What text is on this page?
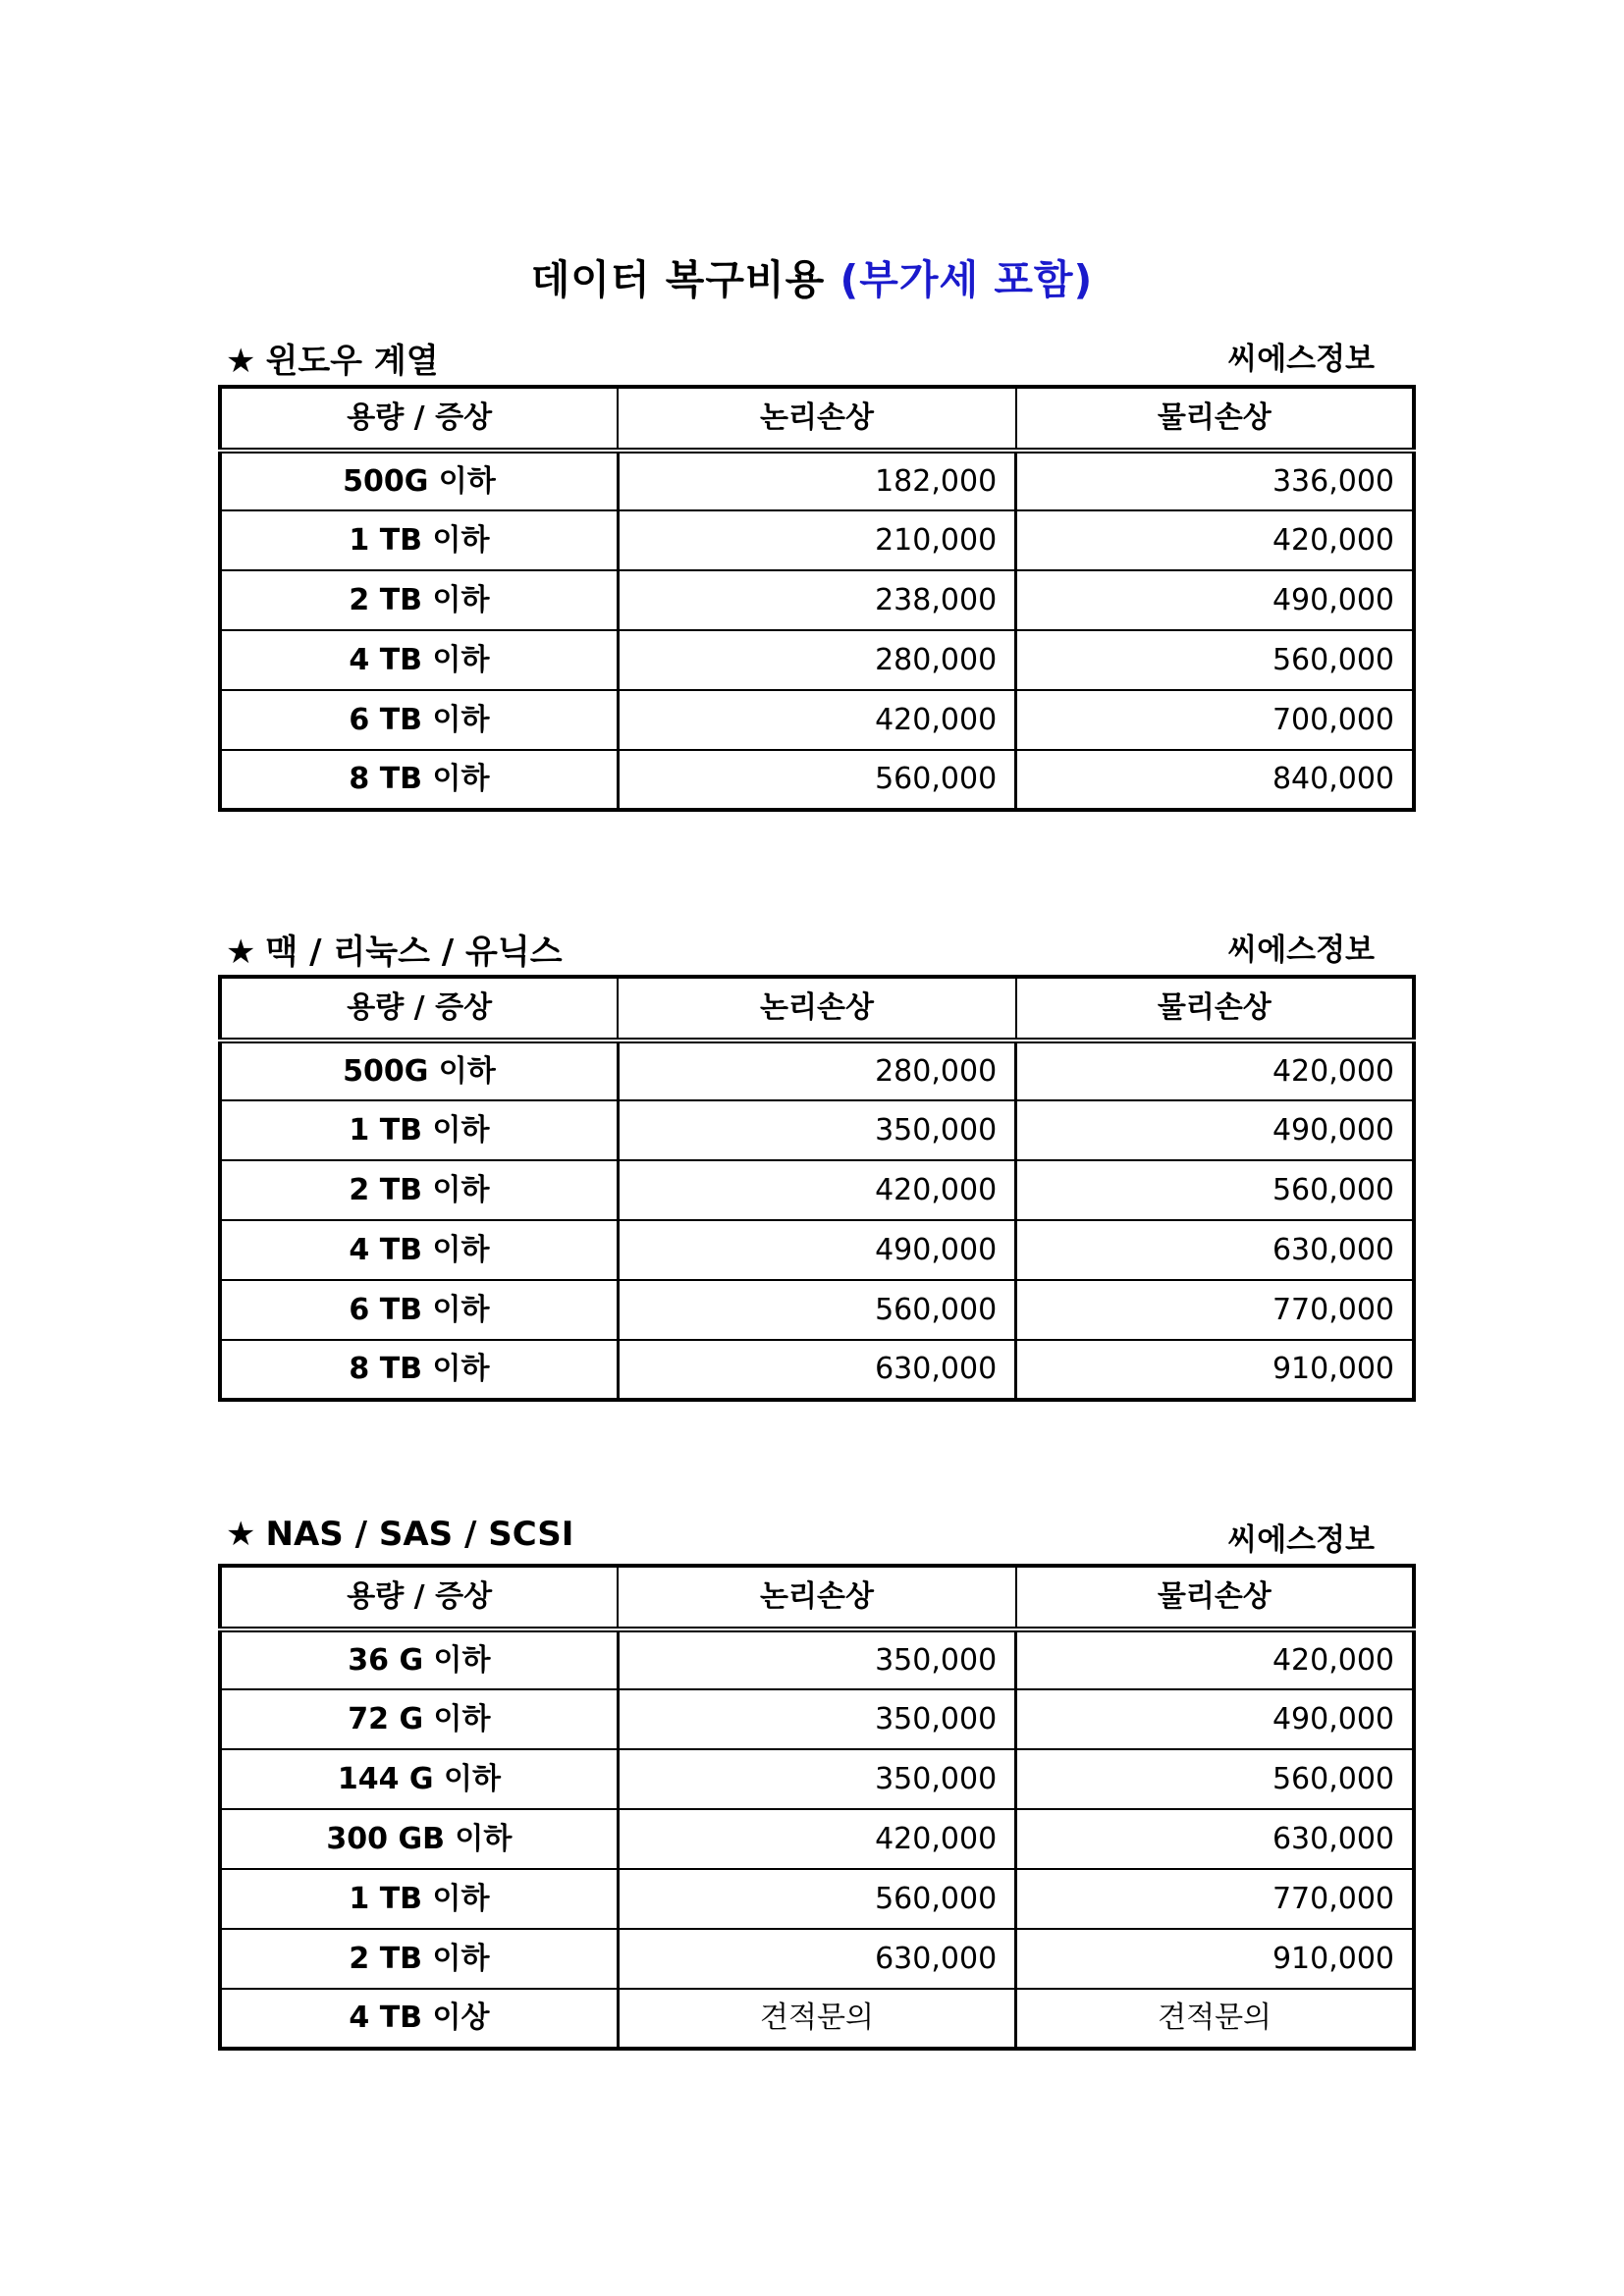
데이터 복구비용 (부가세 포함)
★ 윈도우 계열	씨에스정보
용량 / 증상	논리손상	물리손상
500G 이하	182,000	336,000
1 TB 이하	210,000	420,000
2 TB 이하	238,000	490,000
4 TB 이하	280,000	560,000
6 TB 이하	420,000	700,000
8 TB 이하	560,000	840,000
★ 맥 / 리눅스 / 유닉스	씨에스정보
용량 / 증상	논리손상	물리손상
500G 이하	280,000	420,000
1 TB 이하	350,000	490,000
2 TB 이하	420,000	560,000
4 TB 이하	490,000	630,000
6 TB 이하	560,000	770,000
8 TB 이하	630,000	910,000
★ NAS / SAS / SCSI	씨에스정보
용량 / 증상	논리손상	물리손상
36 G 이하	350,000	420,000
72 G 이하	350,000	490,000
144 G 이하	350,000	560,000
300 GB 이하	420,000	630,000
1 TB 이하	560,000	770,000
2 TB 이하	630,000	910,000
4 TB 이상	견적문의	견적문의
